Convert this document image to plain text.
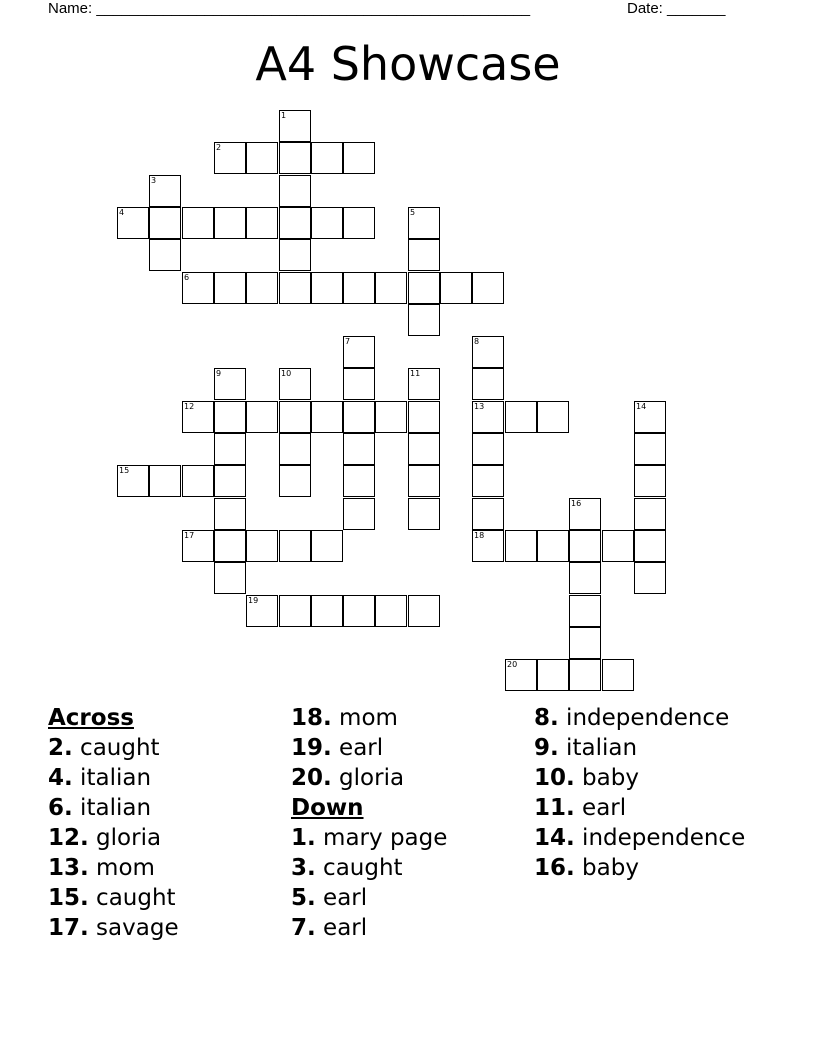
Name: ____________________________________________________	Date: _______
A4 Showcase
2
4
6
12	13
15
17	18
19
20
1
3
5
7	8
9	10	11
14
16
Across
2. caught
4. italian
6. italian
12. gloria
13. mom
15. caught
17. savage
18. mom
19. earl
20. gloria
Down
1. mary page
3. caught
5. earl
7. earl
8. independence
9. italian
10. baby
11. earl
14. independence
16. baby
